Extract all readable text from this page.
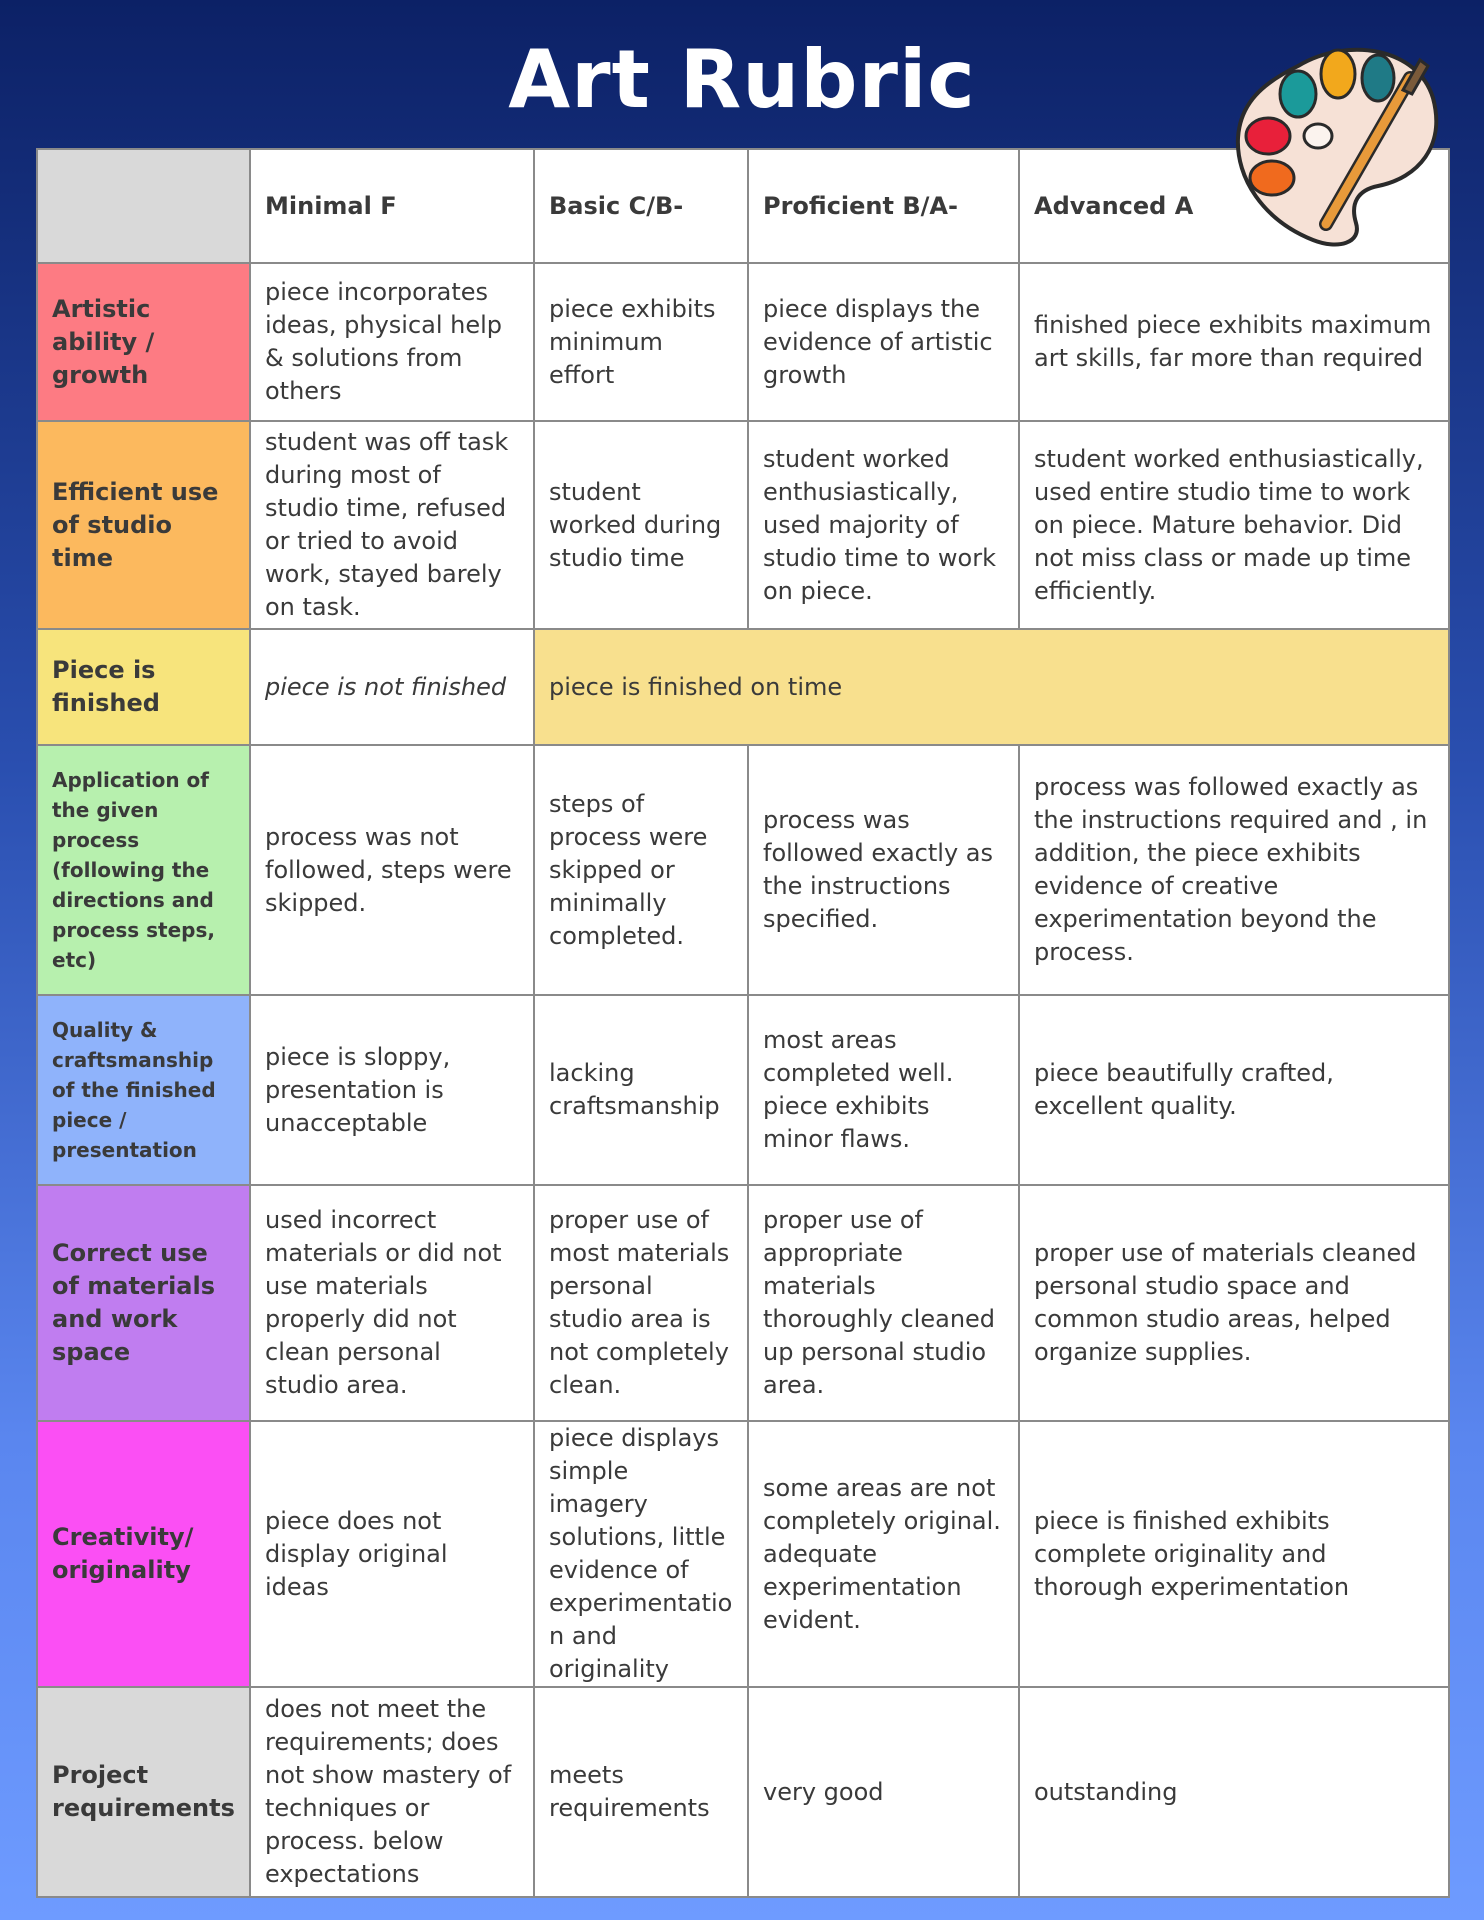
Art Rubric
	Minimal F	Basic C/B-	Proficient B/A-	Advanced A
Artistic ability / growth	piece incorporates ideas, physical help & solutions from others	piece exhibits minimum effort	piece displays the evidence of artistic growth	finished piece exhibits maximum art skills, far more than required
Efficient use of studio time	student was off task during most of studio time, refused or tried to avoid work, stayed barely on task.	student worked during studio time	student worked enthusiastically, used majority of studio time to work on piece.	student worked enthusiastically, used entire studio time to work on piece. Mature behavior. Did not miss class or made up time efficiently.
Piece is finished	piece is not finished	piece is finished on time		
Application of the given process (following the directions and process steps, etc)	process was not followed, steps were skipped.	steps of process were skipped or minimally completed.	process was followed exactly as the instructions specified.	process was followed exactly as the instructions required and , in addition, the piece exhibits evidence of creative experimentation beyond the process.
Quality & craftsmanship of the finished piece / presentation	piece is sloppy, presentation is unacceptable	lacking craftsmanship	most areas completed well. piece exhibits minor flaws.	piece beautifully crafted, excellent quality.
Correct use of materials and work space	used incorrect materials or did not use materials properly did not clean personal studio area.	proper use of most materials personal studio area is not completely clean.	proper use of appropriate materials thoroughly cleaned up personal studio area.	proper use of materials cleaned personal studio space and common studio areas, helped organize supplies.
Creativity/ originality	piece does not display original ideas	piece displays simple imagery solutions, little evidence of experimentation and originality	some areas are not completely original. adequate experimentation evident.	piece is finished exhibits complete originality and thorough experimentation
Project requirements	does not meet the requirements; does not show mastery of techniques or process. below expectations	meets requirements	very good	outstanding
